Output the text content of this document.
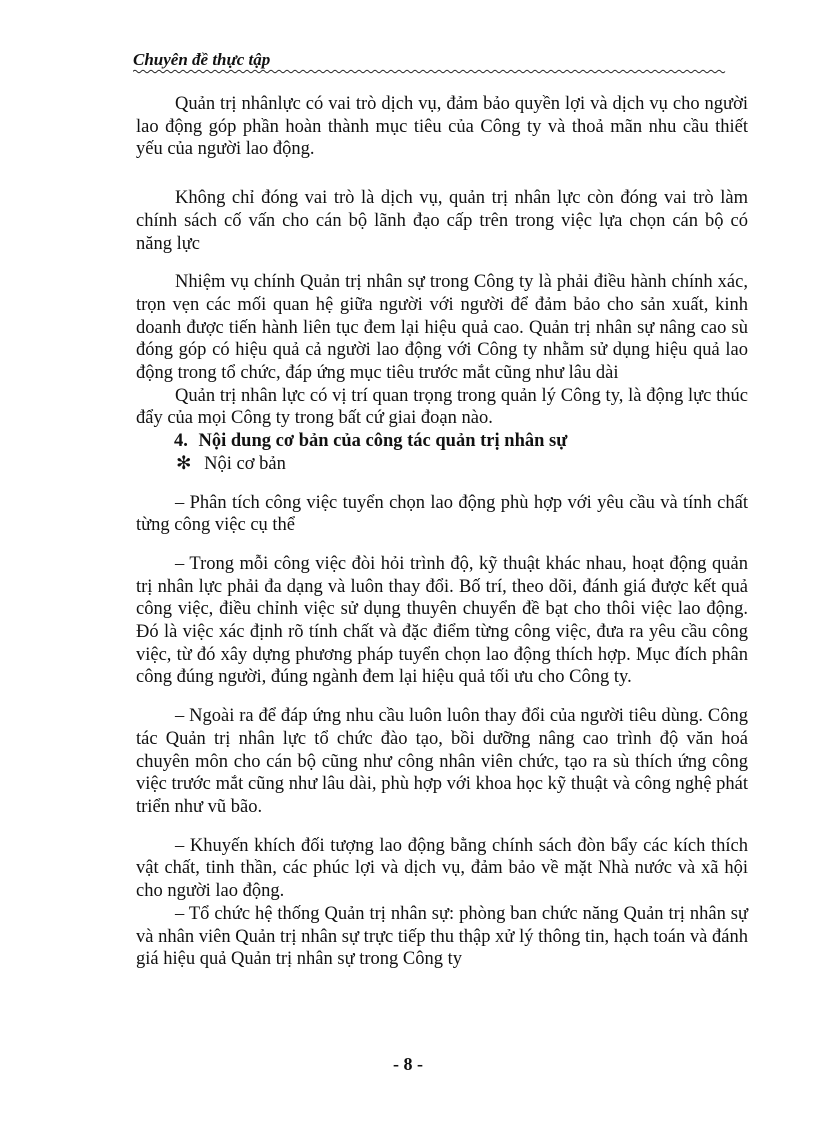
Chuyên đề thực tập

Quản trị nhânlực có vai trò dịch vụ, đảm bảo quyền lợi và dịch vụ cho người lao động góp phần hoàn thành mục tiêu của Công ty và thoả mãn nhu cầu thiết yếu của người lao động.

Không chỉ đóng vai trò là dịch vụ, quản trị nhân lực còn đóng vai trò làm chính sách cố vấn cho cán bộ lãnh đạo cấp trên trong việc lựa chọn cán bộ có năng lực

Nhiệm vụ chính Quản trị nhân sự trong Công ty là phải điều hành chính xác, trọn vẹn các mối quan hệ giữa người với người để đảm bảo cho sản xuất, kinh doanh được tiến hành liên tục đem lại hiệu quả cao. Quản trị nhân sự nâng cao sù đóng góp có hiệu quả cả người lao động với Công ty nhằm sử dụng hiệu quả lao động trong tổ chức, đáp ứng mục tiêu trước mắt cũng như lâu dài

Quản trị nhân lực có vị trí quan trọng trong quản lý Công ty, là động lực thúc đẩy của mọi Công ty trong bất cứ giai đoạn nào.

4. Nội dung cơ bản của công tác quản trị nhân sự

✻ Nội cơ bản

– Phân tích công việc tuyển chọn lao động phù hợp với yêu cầu và tính chất từng công việc cụ thể

– Trong mỗi công việc đòi hỏi trình độ, kỹ thuật khác nhau, hoạt động quản trị nhân lực phải đa dạng và luôn thay đổi. Bố trí, theo dõi, đánh giá được kết quả công việc, điều chỉnh việc sử dụng thuyên chuyển đề bạt cho thôi việc lao động. Đó là việc xác định rõ tính chất và đặc điểm từng công việc, đưa ra yêu cầu công việc, từ đó xây dựng phương pháp tuyển chọn lao động thích hợp. Mục đích phân công đúng người, đúng ngành đem lại hiệu quả tối ưu cho Công ty.

– Ngoài ra để đáp ứng nhu cầu luôn luôn thay đổi của người tiêu dùng. Công tác Quản trị nhân lực tổ chức đào tạo, bồi dưỡng nâng cao trình độ văn hoá chuyên môn cho cán bộ cũng như công nhân viên chức, tạo ra sù thích ứng công việc trước mắt cũng như lâu dài, phù hợp với khoa học kỹ thuật và công nghệ phát triển như vũ bão.

– Khuyến khích đối tượng lao động bằng chính sách đòn bẩy các kích thích vật chất, tinh thần, các phúc lợi và dịch vụ, đảm bảo về mặt Nhà nước và xã hội cho người lao động.

– Tổ chức hệ thống Quản trị nhân sự: phòng ban chức năng Quản trị nhân sự và nhân viên Quản trị nhân sự trực tiếp thu thập xử lý thông tin, hạch toán và đánh giá hiệu quả Quản trị nhân sự trong Công ty

- 8 -
